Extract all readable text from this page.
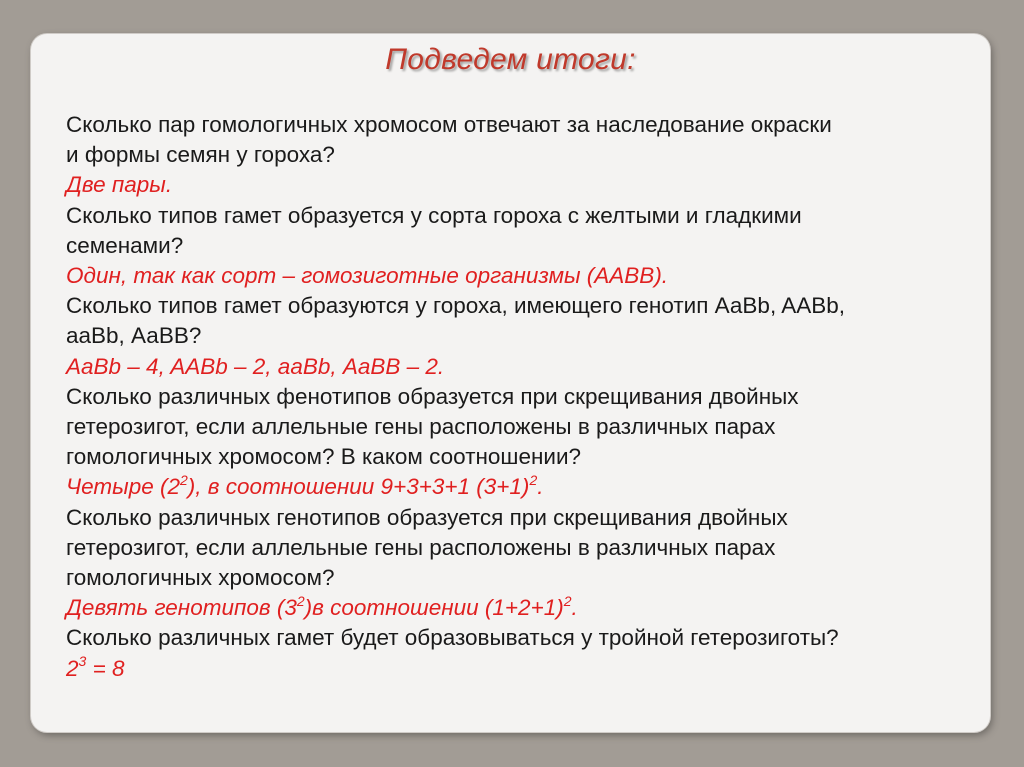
Подведем итоги:
Сколько пар гомологичных хромосом отвечают за наследование окраски
и формы семян у гороха?
Две пары.
Сколько типов гамет образуется у сорта гороха с желтыми и гладкими
семенами?
Один, так как сорт – гомозиготные организмы (ААВВ).
Сколько типов гамет образуются у гороха, имеющего генотип АаВb, AABb,
ааВb, АаВВ?
АаВb – 4, AABb – 2, ааВb, АаВВ – 2.
Сколько различных фенотипов образуется при скрещивания двойных
гетерозигот, если аллельные гены расположены в различных парах
гомологичных хромосом? В каком соотношении?
Четыре $(2^2)$, в соотношении 9+3+3+1 $(3+1)^2$.
Сколько различных генотипов образуется при скрещивания двойных
гетерозигот, если аллельные гены расположены в различных парах
гомологичных хромосом?
Девять генотипов $(3^2)в$ соотношении $(1+2+1)^2$.
Сколько различных гамет будет образовываться у тройной гетерозиготы?
$2^3 = 8$
